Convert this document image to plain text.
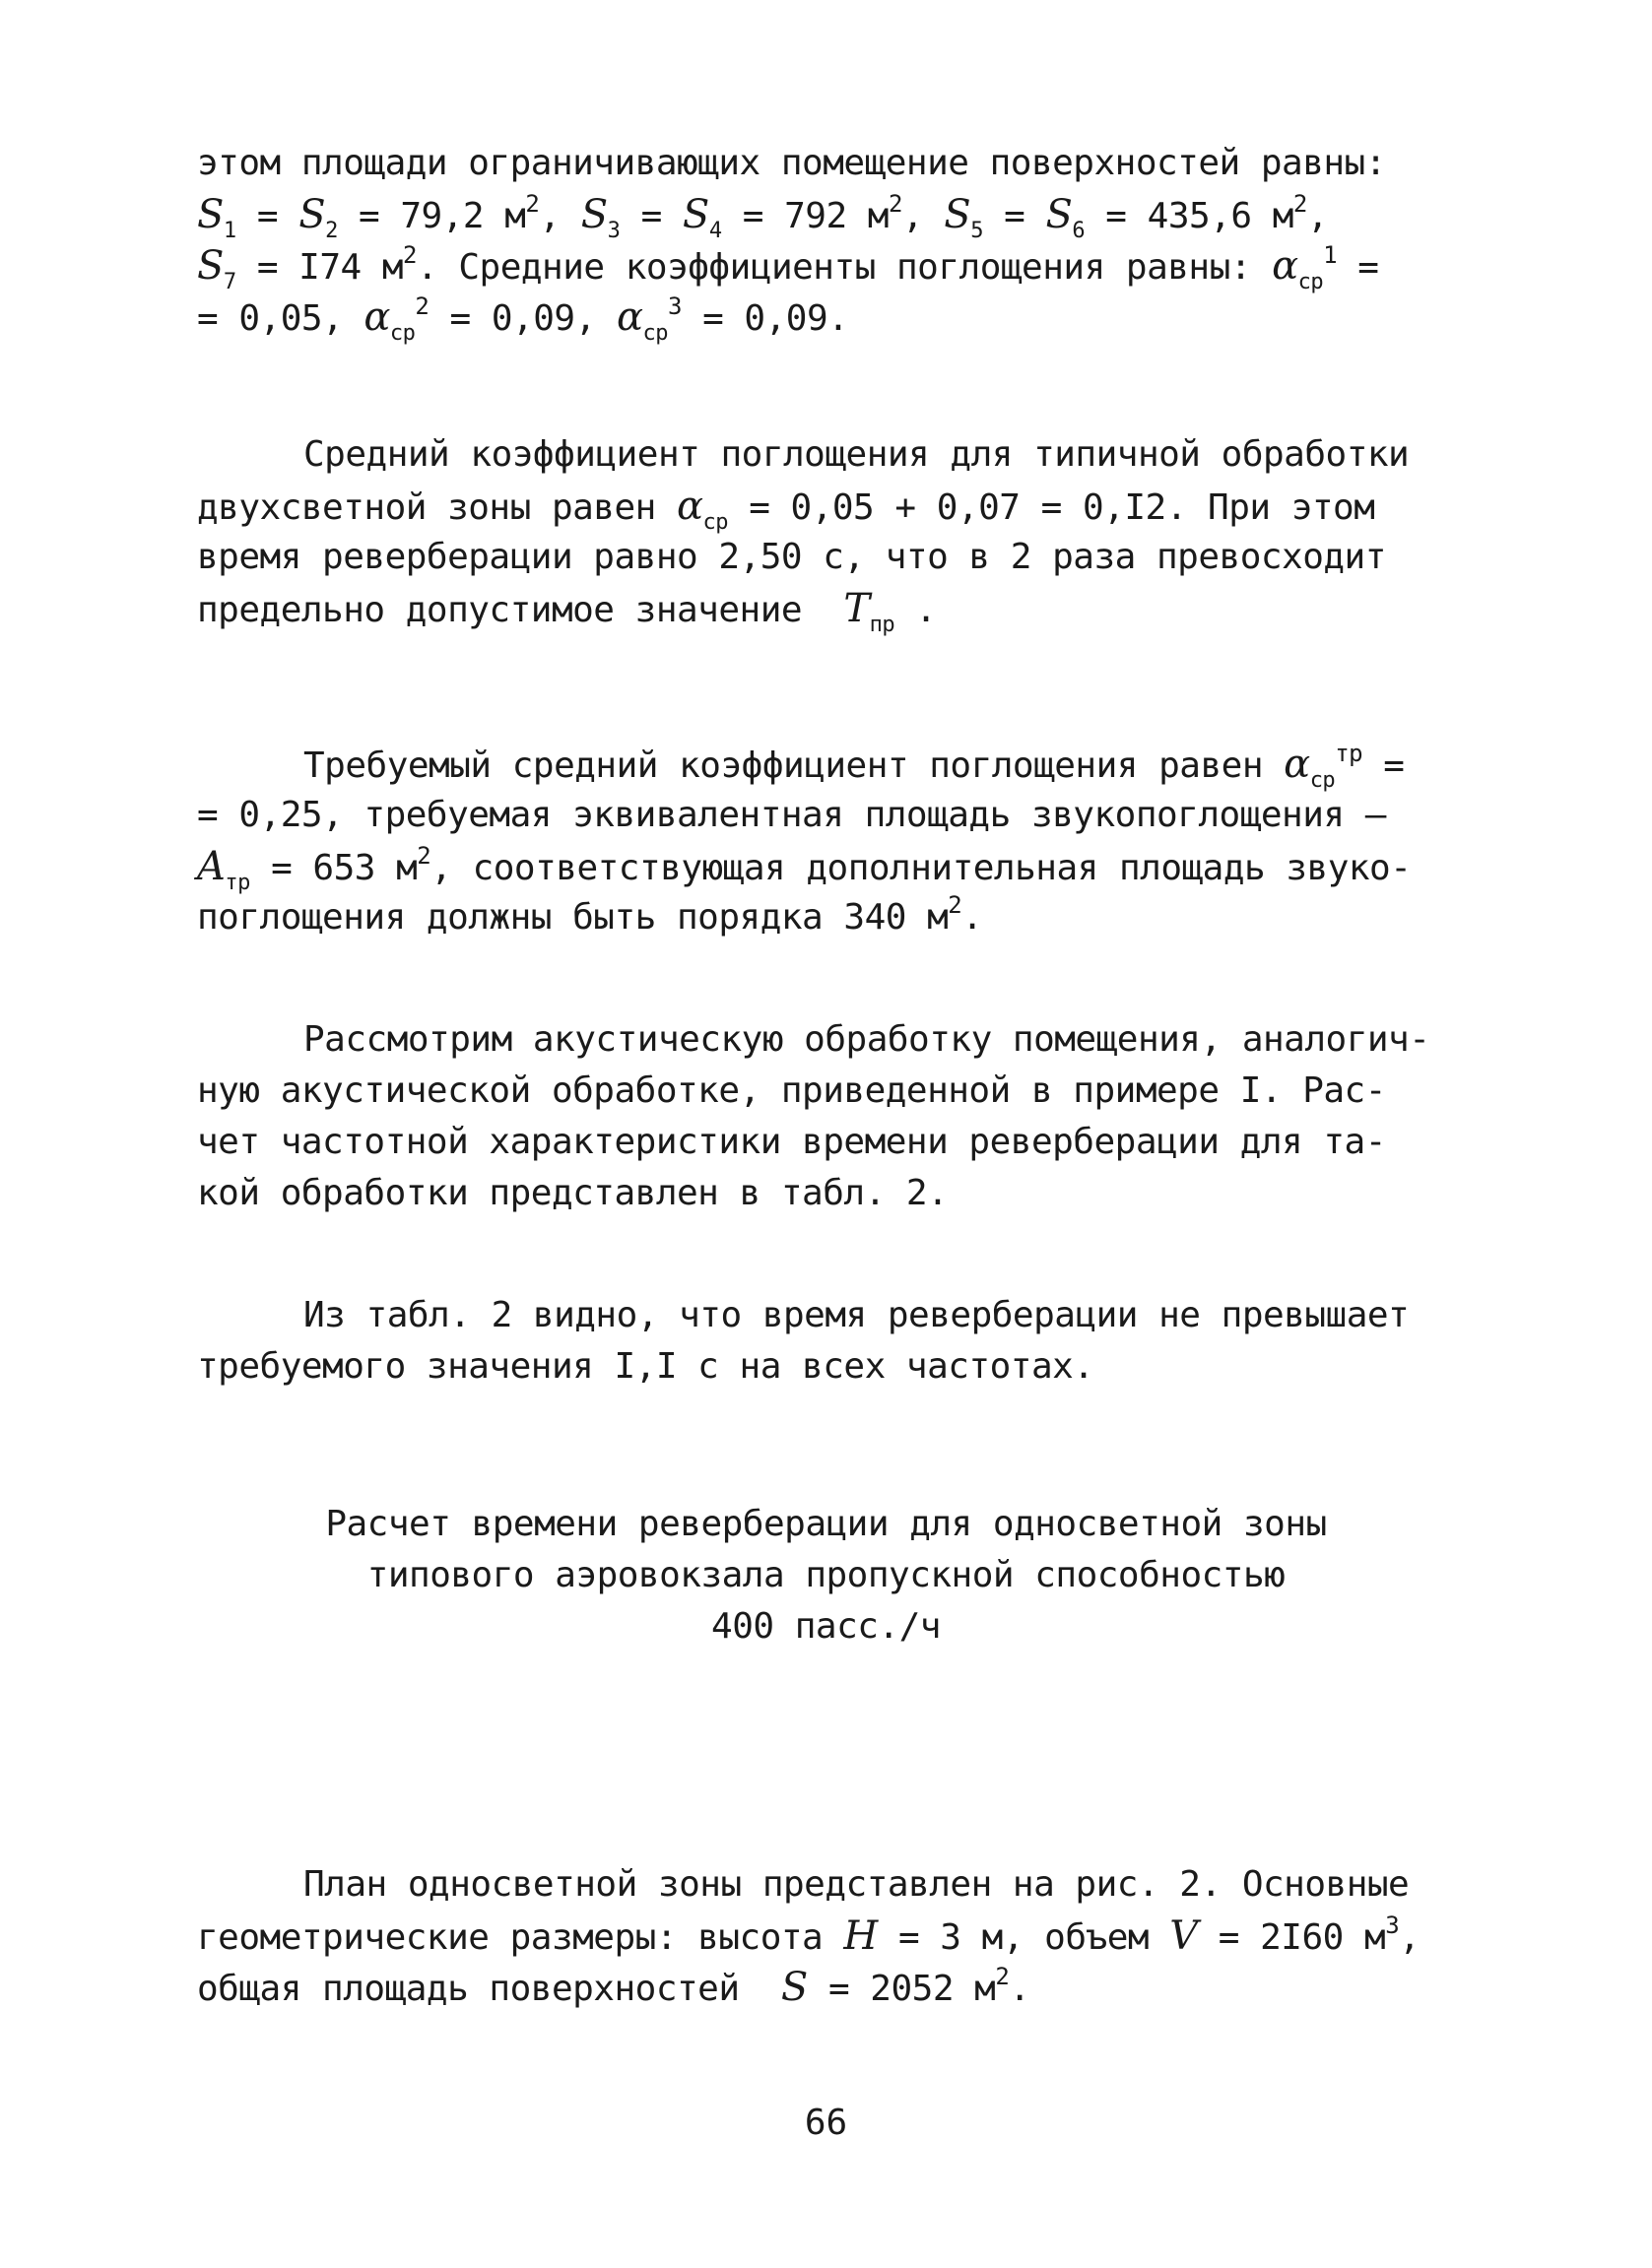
этом площади ограничивающих помещение поверхностей равны:
$S_1 = S_2 = 79,2$ $м^2$, $S_3 = S_4 = 792$ $м^2$, $S_5 = S_6 = 435,6$ $м^2$,
$S_7 = I74$ $м^2$. Средние коэффициенты поглощения равны: $\alpha_{ср}^1$ =
= 0,05, $\alpha_{ср}^2 = 0,09$, $\alpha_{ср}^3 = 0,09$.
Средний коэффициент поглощения для типичной обработки
двухсветной зоны равен $\alpha_{ср} = 0,05 + 0,07 = 0,I2$. При этом
время реверберации равно 2,50 с, что в 2 раза превосходит
предельно допустимое значение  $T_{пр}$ .
Требуемый средний коэффициент поглощения равен $\alpha_{ср}^{тр}$ =
= 0,25, требуемая эквивалентная площадь звукопоглощения –
$A_{тр} = 653$ $м^2$, соответствующая дополнительная площадь звуко-
поглощения должны быть порядка 340 $м^2$.
Рассмотрим акустическую обработку помещения, аналогич-
ную акустической обработке, приведенной в примере I. Рас-
чет частотной характеристики времени реверберации для та-
кой обработки представлен в табл. 2.
Из табл. 2 видно, что время реверберации не превышает
требуемого значения I,I с на всех частотах.
Расчет времени реверберации для односветной зоны
типового аэровокзала пропускной способностью
400 пасс./ч
План односветной зоны представлен на рис. 2. Основные
геометрические размеры: высота H = 3 м, объем V = 2I60 $м^3$,
общая площадь поверхностей  S = 2052 $м^2$.
66
